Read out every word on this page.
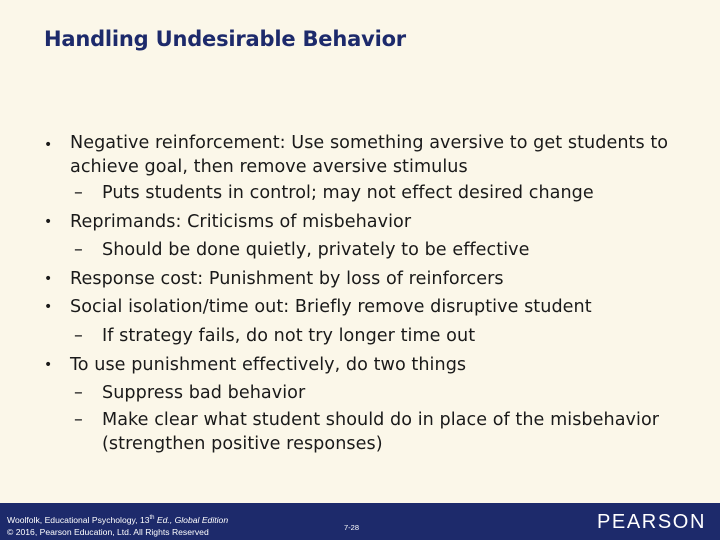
Handling Undesirable Behavior
•	Negative reinforcement: Use something aversive to get students to achieve goal, then remove aversive stimulus
–	Puts students in control; may not effect desired change
•	Reprimands: Criticisms of misbehavior
–	Should be done quietly, privately to be effective
•	Response cost: Punishment by loss of reinforcers
•	Social isolation/time out: Briefly remove disruptive student
–	If strategy fails, do not try longer time out
•	To use punishment effectively, do two things
–	Suppress bad behavior
–	Make clear what student should do in place of the misbehavior (strengthen positive responses)
Woolfolk, Educational Psychology, 13th Ed., Global Edition
© 2016, Pearson Education, Ltd. All Rights Reserved	7-28	PEARSON
